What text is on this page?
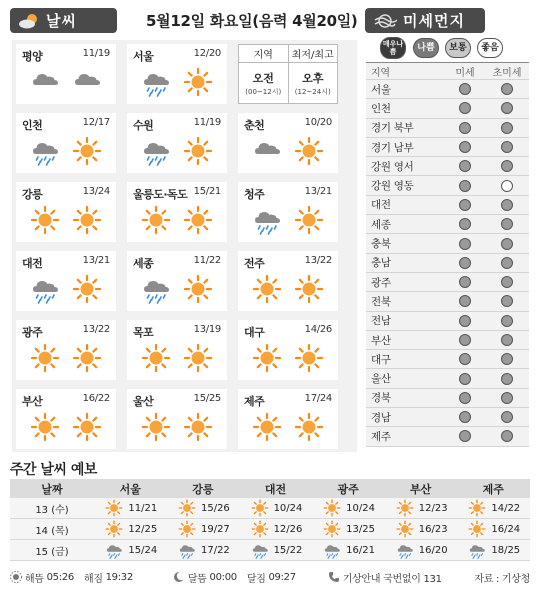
날씨	5월12일 화요일(음력 4월20일)	미세먼지
지역	최저/최고
오전
(00~12시)
오후
(12~24시)
평양	11/19 서울	12/20
인천	12/17 수원	11/19 춘천	10/20
강릉	13/24 울릉도·독도 15/21 청주	13/21
대전	13/21 세종	11/22 전주	13/22
광주	13/22 목포	13/19 대구	14/26
부산	16/22 울산	15/25 제주	17/24
매우나쁨	나쁨	보통	좋음
지역	미세	초미세
서울
인천
경기 북부
경기 남부
강원 영서
강원 영동
대전
세종
충북
충남
광주
전북
전남
부산
대구
울산
경북
경남
제주
주간 날씨 예보
날짜	서울	강릉	대전	광주	부산	제주
13 (수)	11/21	15/26	10/24	10/24	12/23	14/22
14 (목)	12/25	19/27	12/26	13/25	16/23	16/24
15 (금)	15/24	17/22	15/22	16/21	16/20	18/25
해뜸
05:26 해짐
19:32	달뜸
00:00 달짐
09:27	기상안내 국번없이 131	자료 : 기상청
